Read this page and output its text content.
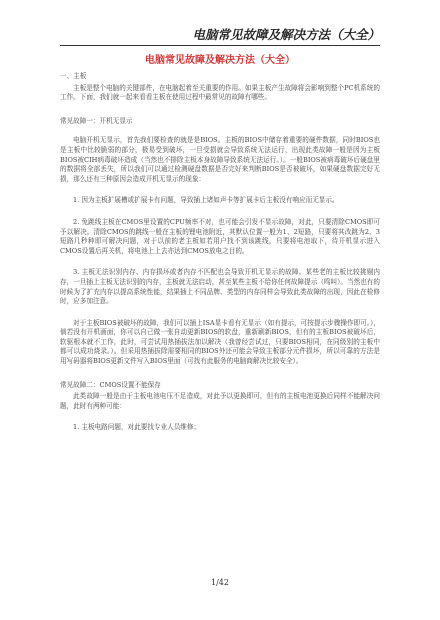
电脑常见故障及解决方法（大全）
电脑常见故障及解决方法（大全）
一、主板
主板是整个电脑的关键部件，在电脑起着至关重要的作用。如果主板产生故障将会影响到整个PC机系统的工作。下面，我们就一起来看看主板在使用过程中最常见的故障有哪些。
常见故障一：开机无显示
电脑开机无显示，首先我们要检查的就是是BIOS。主板的BIOS中储存着重要的硬件数据，同时BIOS也是主板中比较脆弱的部分，极易受到破坏，一旦受损就会导致系统无法运行，出现此类故障一般是因为主板BIOS被CIH病毒破坏造成（当然也不排除主板本身故障导致系统无法运行。）。一般BIOS被病毒破坏后硬盘里的数据将全部丢失，所以我们可以通过检测硬盘数据是否完好来判断BIOS是否被破坏，如果硬盘数据完好无损，那么还有三种原因会造成开机无显示的现象：
1. 因为主板扩展槽或扩展卡有问题，导致插上诸如声卡等扩展卡后主板没有响应而无显示。
2. 免跳线主板在CMOS里设置的CPU频率不对，也可能会引发不显示故障，对此，只要清除CMOS即可予以解决。清除CMOS的跳线一般在主板的锂电池附近，其默认位置一般为1、2短路，只要将其改跳为2、3短路几秒种即可解决问题，对于以前的老主板如若用户找不到该跳线，只要将电池取下，待开机显示进入CMOS设置后再关机，将电池上上去亦达到CMOS放电之目的。
3. 主板无法识别内存、内存损坏或者内存不匹配也会导致开机无显示的故障。某些老的主板比较挑剔内存，一旦插上主板无法识别的内存，主板就无法启动，甚至某些主板不给你任何故障提示（鸣叫）。当然也有的时候为了扩充内存以提高系统性能，结果插上不同品牌、类型的内存同样会导致此类故障的出现，因此在检修时，应多加注意。
对于主板BIOS被破坏的故障，我们可以插上ISA显卡看有无显示（如有提示，可按提示步骤操作即可。），倘若没有开机画面，你可以自己做一张自动更新BIOS的软盘，重新刷新BIOS，但有的主板BIOS被破坏后，软驱根本就不工作，此时，可尝试用热插拔法加以解决（我曾经尝试过，只要BIOS相同，在同级别的主板中都可以成功烧录。）。但采用热插拔除需要相同的BIOS外还可能会导致主板部分元件损坏，所以可靠的方法是用写码器将BIOS更新文件写入BIOS里面（可找有此服务的电脑商解决比较安全）。
常见故障二：CMOS设置不能保存
此类故障一般是由于主板电池电压不足造成，对此予以更换即可，但有的主板电池更换后同样不能解决问题，此时有两种可能：
1. 主板电路问题，对此要找专业人员维修；
1/42
